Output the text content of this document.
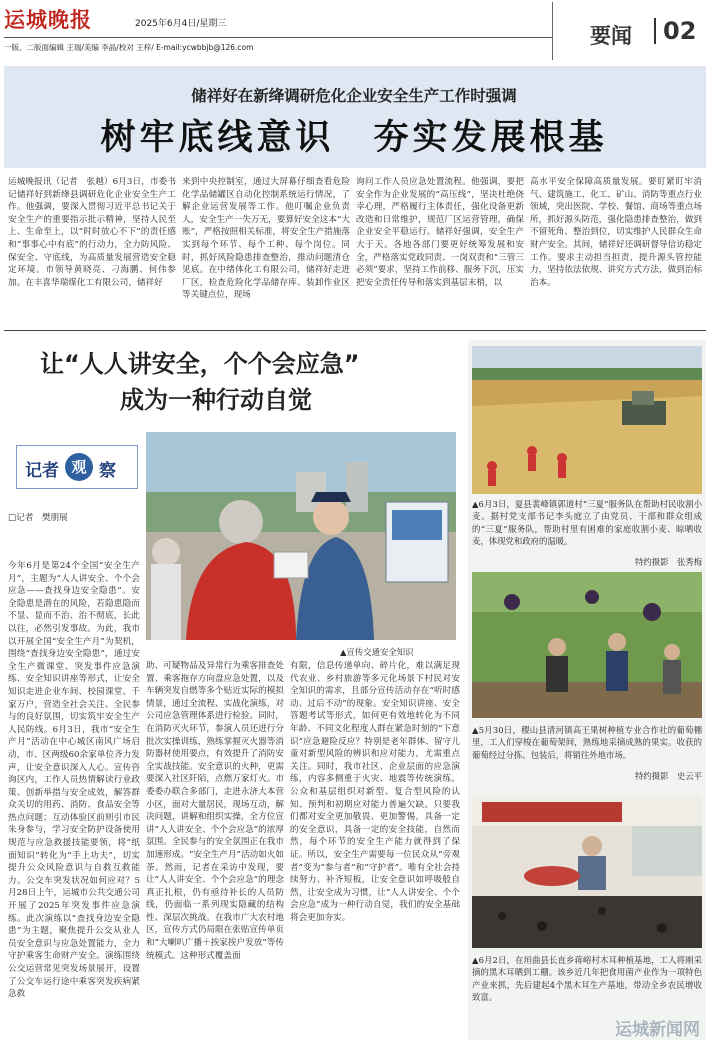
运城晚报	2025年6月4日/星期三
一版、二版面编辑 王瑞/美编 李晶/校对 王梓/ E-mail:ycwbbjb@126.com	要闻	02
储祥好在新绛调研危化企业安全生产工作时强调
树牢底线意识　夯实发展根基
运城晚报讯（记者　张越）6月3日，市委书记储祥好到新绛县调研危化企业安全生产工作。他强调，要深入贯彻习近平总书记关于安全生产的重要指示批示精神，坚持人民至上、生命至上，以“时时放心不下”的责任感和“事事心中有底”的行动力，全力防风险、保安全、守底线，为高质量发展营造安全稳定环境。市领导黄晓亮、刁海鹏、何伟参加。在丰喜华瑞煤化工有限公司，储祥好
来到中央控制室，通过大屏幕仔细查看危险化学品储罐区自动化控制系统运行情况，了解企业运营发展等工作。他叮嘱企业负责人，安全生产一失万无，要算好安全这本“大账”，严格按照相关标准，将安全生产措施落实到每个环节、每个工种、每个岗位。同时，抓好风险隐患排查整治，推动问题清仓见底。在中绪体化工有限公司，储祥好走进厂区，检查危险化学品储存库、装卸作业区等关键点位，现场
询问工作人员应急处置流程。他强调，要把安全作为企业发展的“高压线”，坚决杜绝侥幸心理，严格履行主体责任，强化设备更新改造和日常维护，规范厂区运营管理，确保企业安全平稳运行。储祥好强调，安全生产大于天。各地各部门要更好统筹发展和安全，严格落实党政同责、一岗双责和“三管三必须”要求，坚持工作前移、服务下沉，压实把安全责任传导和落实到基层末梢，以
高水平安全保障高质量发展。要盯紧盯牢消气、建筑施工、化工、矿山、消防等重点行业领域，突出医院、学校、餐馆、商场等重点场所，抓好源头防范，强化隐患排查整治，做到不留死角、整治到位，切实维护人民群众生命财产安全。其间，储祥好还调研督导信访稳定工作。要求主动担当担责，提升源头管控能力，坚持依法依规、讲究方式方法，做到治标治本。
让“人人讲安全，个个会应急”
成为一种行动自觉
▲宣传交通安全知识
记者 观 察
□记者　樊朋展
今年6月是第24个全国“安全生产月”，主题为“人人讲安全、个个会应急——查找身边安全隐患”。安全隐患是潜在的风险，若隐患隐而不显、显而不治、治不彻底，长此以往，必然引发事故。为此，我市以开展全国“安全生产月”为契机，围绕“查找身边安全隐患”，通过安全生产微课堂、突发事件应急演练、安全知识讲座等形式，让安全知识走进企业车间、校园课堂、千家万户，营造全社会关注、全民参与的良好氛围，切实筑牢安全生产人民防线。6月3日，我市“安全生产月”活动在中心城区南风广场启动，市、区两级60余家单位齐力发声，让安全意识深入人心。宣传咨询区内，工作人员热情解读行业政策、创新举措与安全成效，解答群众关切的用药、消防、食品安全等热点问题；互动体验区前则引市民朱身参与，学习安全防护设备使用规范与应急救援技能要领，将“纸面知识”转化为“手上功夫”，切实提升公众风险意识与自救互救能力。公交车突发状况如何应对？5月28日上午，运城市公共交通公司开展了2025年突发事件应急演练。此次演练以“查找身边安全隐患”为主题，聚焦提升公交从业人员安全意识与应急处置能力，全力守护乘客生命财产安全。演练围绕公交运营常见突发场景展开，设置了公交车运行途中乘客突发疾病紧急救
助、可疑物品及异常行为乘客排查处置、乘客拖存方向盘应急处置，以及车辆突发自燃等多个贴近实际的模拟情景，通过全流程、实战化演练，对公司应急管理体系进行检验。同时，在消防灭火环节，参演人员还进行分批次实操训练，熟练掌握灭火器等消防器材使用要点，有效提升了消防安全实战技能。安全意识的火种，更需要深入社区阡陌，点燃万家灯火。市委委办联合多部门，走进永济大本营小区，面对大量居民，现场互动，解决问题，讲解和组织实操，全方位宣讲“人人讲安全、个个会应急”的浓厚氛围。全民参与的安全氛围正在我市加速形成。“安全生产月”活动如火如荼。然而，记者在采访中发现，要让“人人讲安全、个个会应急”的理念真正扎根，仍有亟待补长的人员防线，仍面临一系列现实隐藏的结构性、深层次挑战。在我市广大农村地区，宣传方式仍局限在张贴宣传单页和“大喇叭广播＋挨家挨户发放”等传统模式。这种形式覆盖面
有限，信息传递单向、碎片化，难以满足现代农业、乡村旅游等多元化场景下村民对安全知识的需求，且部分宣传活动存在“听时感动、过后不动”的现象。安全知识讲座、安全答题考试等形式，如何更有效地转化为不同年龄、不同文化程度人群在紧急时刻的“下意识”应急避险反应？特别是老年群体、留守儿童对新型风险的辨识和应对能力，尤需重点关注。同时，我市社区、企业层面的应急演练，内容多侧重于火灾、地震等传统演练。公众和基层组织对新型、复合型风险的认知、预判和初期应对能力普遍欠缺。只要我们都对安全更加敬畏、更加警惕，具备一定的安全意识，具备一定的安全技能，自然而然，每个环节的安全生产能力就得到了保证。所以，安全生产需要每一位民众从“旁观者”变为“参与者”和“守护者”。唯有全社会持续努力、补齐短板，让安全意识如呼吸般自然，让安全成为习惯，让“人人讲安全、个个会应急”成为一种行动自觉，我们的安全基础将会更加夯实。
▲6月3日，夏县裴峰镇郭道村“三夏”服务队在帮助村民收割小麦。据村党支部书记李头庭立了由党员、干部和群众组成的“三夏”服务队，帮助村里有困难的家庭收割小麦、晾晒收麦，体现党和政府的温暖。
特约摄影　张秀梅
▲5月30日，稷山县清河镇高王果树种植专业合作社的葡萄棚里，工人们穿梭在葡萄架间，熟练地采摘成熟的果实。收获的葡萄经过分拣、包装后，将销往外地市场。
特约摄影　史云平
▲6月2日，在垣曲县长直乡蒋峪村木耳种植基地，工人将刚采摘的黑木耳晒到工棚。该乡近几年把食用菌产业作为一项特色产业来抓，先后建起4个黑木耳生产基地，带动全乡农民增收致富。
运城新闻网
